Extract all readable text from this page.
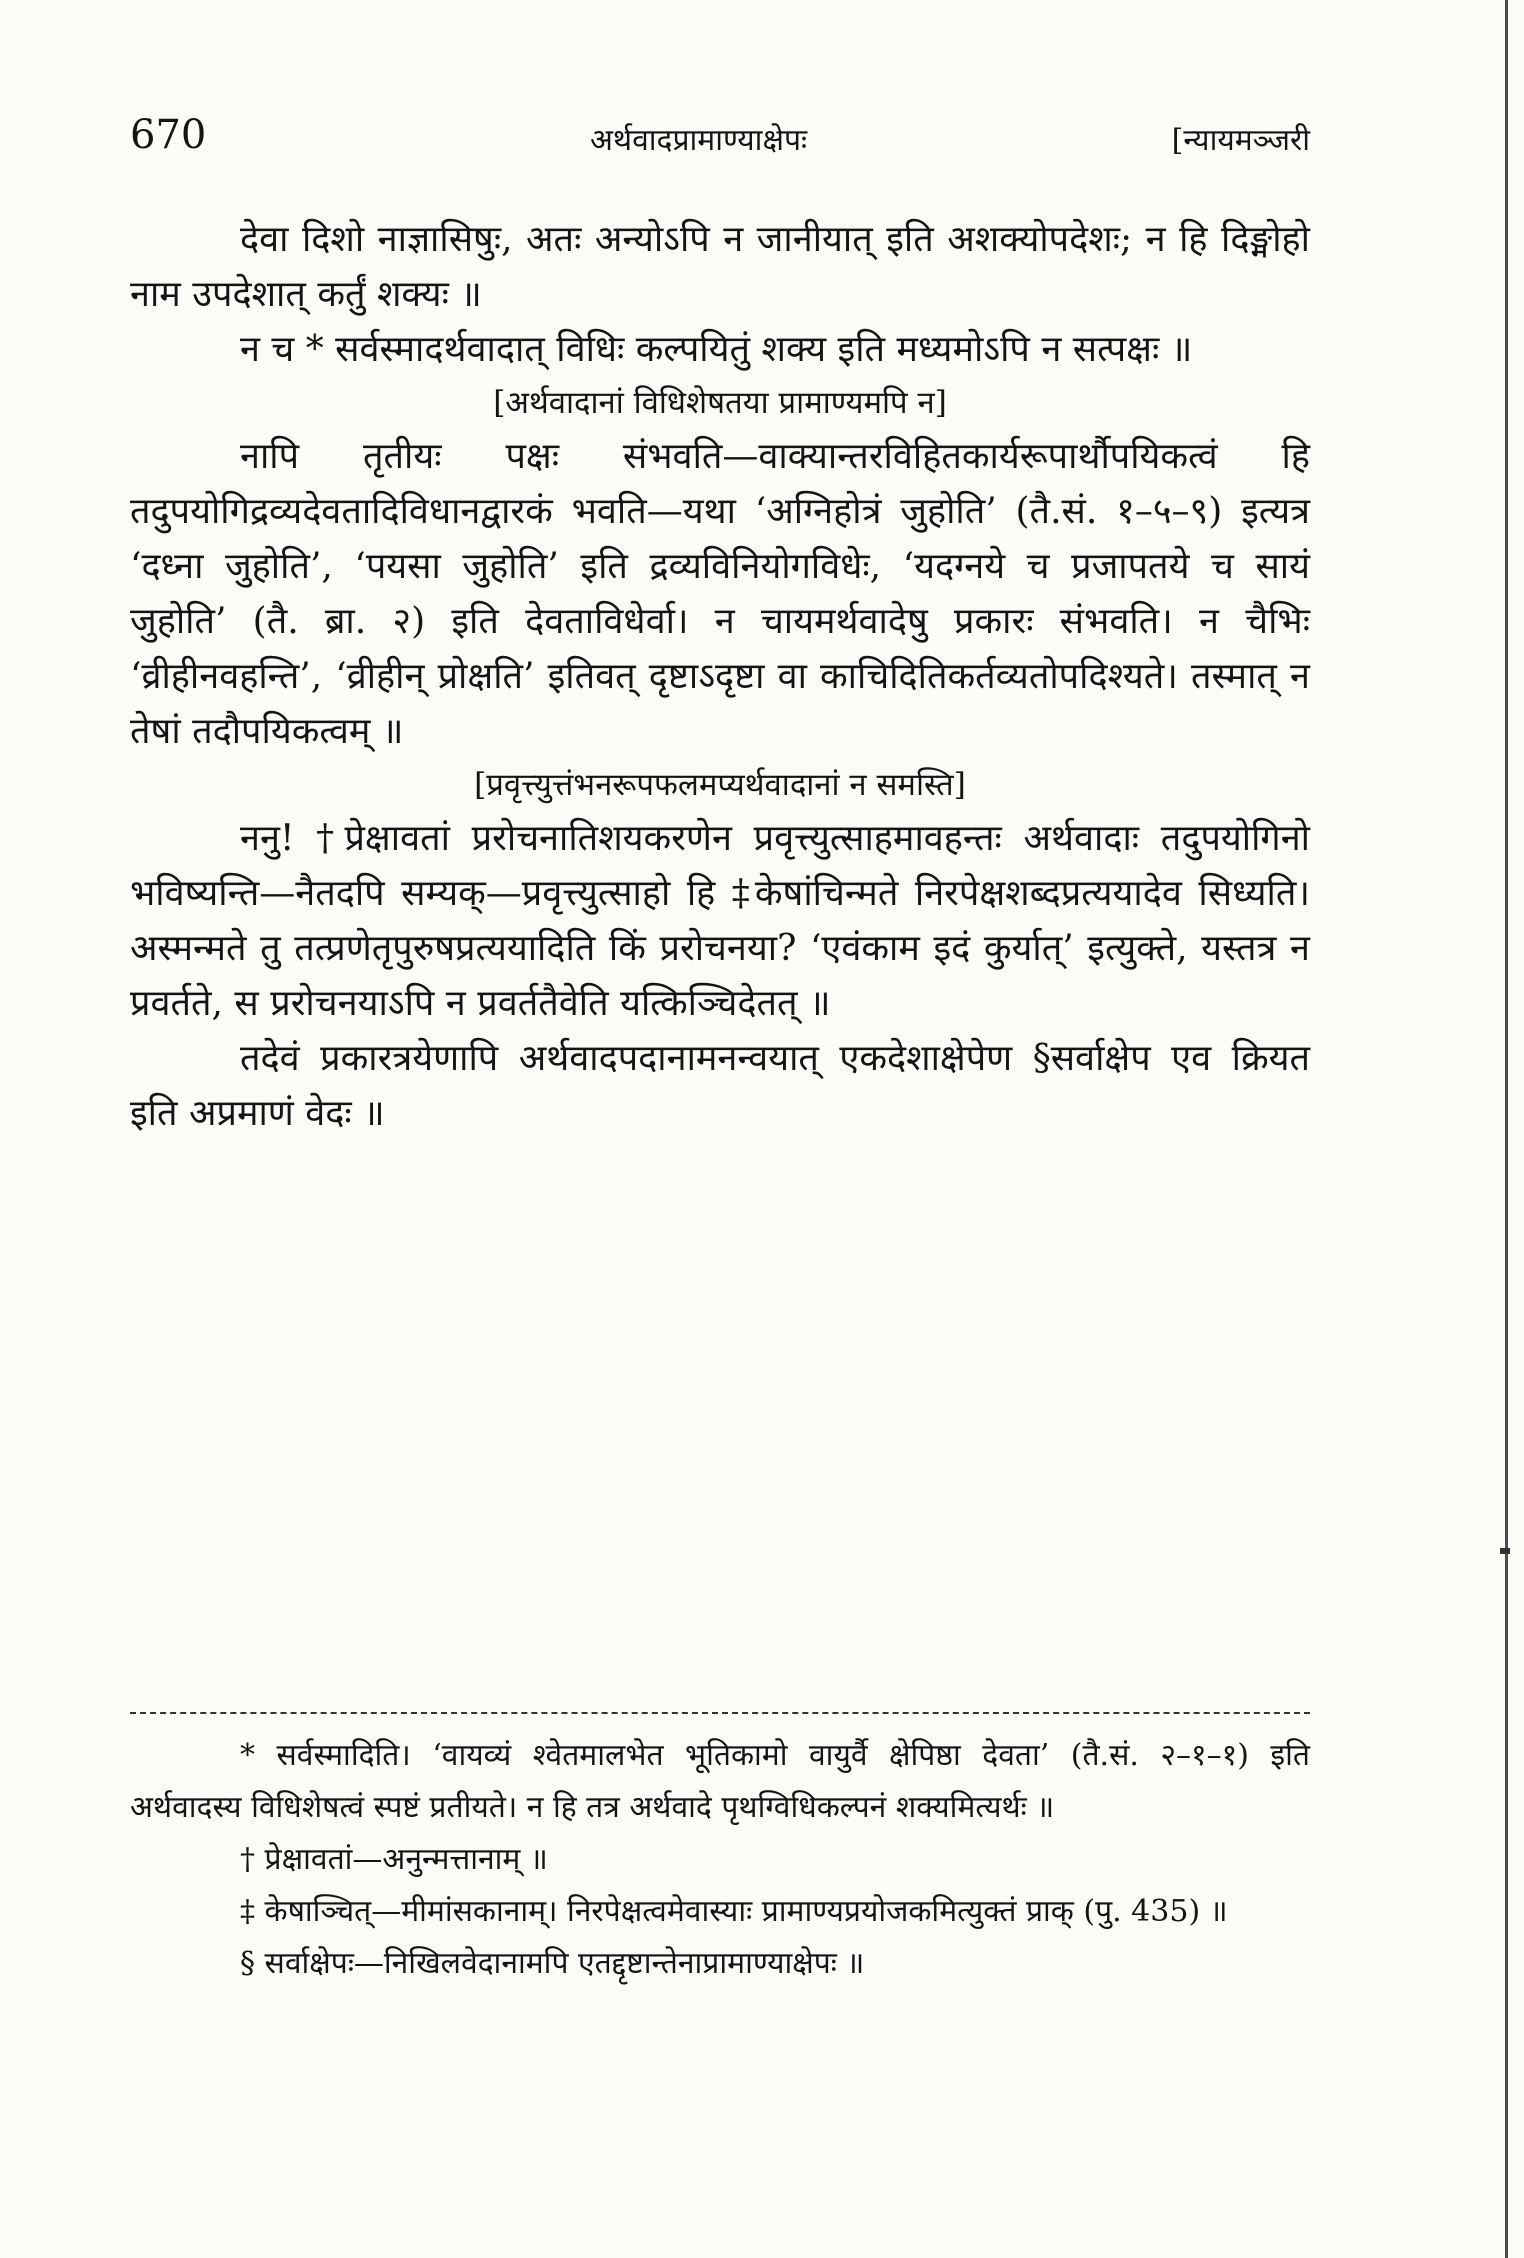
670	अर्थवादप्रामाण्याक्षेपः	[न्यायमञ्जरी

देवा दिशो नाज्ञासिषुः, अतः अन्योऽपि न जानीयात् इति अशक्योपदेशः; न हि दिङ्मोहो नाम उपदेशात् कर्तुं शक्यः ॥

न च * सर्वस्मादर्थवादात् विधिः कल्पयितुं शक्य इति मध्यमोऽपि न सत्पक्षः ॥

[अर्थवादानां विधिशेषतया प्रामाण्यमपि न]

नापि तृतीयः पक्षः संभवति—वाक्यान्तरविहितकार्यरूपार्थौपयिकत्वं हि तदुपयोगिद्रव्यदेवतादिविधानद्वारकं भवति—यथा ‘अग्निहोत्रं जुहोति’ (तै.सं. १–५–९) इत्यत्र ‘दध्ना जुहोति’, ‘पयसा जुहोति’ इति द्रव्यविनियोगविधेः, ‘यदग्नये च प्रजापतये च सायं जुहोति’ (तै. ब्रा. २) इति देवताविधेर्वा। न चायमर्थवादेषु प्रकारः संभवति। न चैभिः ‘व्रीहीनवहन्ति’, ‘व्रीहीन् प्रोक्षति’ इतिवत् दृष्टाऽदृष्टा वा काचिदितिकर्तव्यतोपदिश्यते। तस्मात् न तेषां तदौपयिकत्वम् ॥

[प्रवृत्त्युत्तंभनरूपफलमप्यर्थवादानां न समस्ति]

ननु! †प्रेक्षावतां प्ररोचनातिशयकरणेन प्रवृत्त्युत्साहमावहन्तः अर्थवादाः तदुपयोगिनो भविष्यन्ति—नैतदपि सम्यक्—प्रवृत्त्युत्साहो हि ‡केषांचिन्मते निरपेक्षशब्दप्रत्ययादेव सिध्यति। अस्मन्मते तु तत्प्रणेतृपुरुषप्रत्ययादिति किं प्ररोचनया? ‘एवंकाम इदं कुर्यात्’ इत्युक्ते, यस्तत्र न प्रवर्तते, स प्ररोचनयाऽपि न प्रवर्ततैवेति यत्किञ्चिदेतत् ॥

तदेवं प्रकारत्रयेणापि अर्थवादपदानामनन्वयात् एकदेशाक्षेपेण §सर्वाक्षेप एव क्रियत इति अप्रमाणं वेदः ॥

* सर्वस्मादिति। ‘वायव्यं श्वेतमालभेत भूतिकामो वायुर्वै क्षेपिष्ठा देवता’ (तै.सं. २–१–१) इति अर्थवादस्य विधिशेषत्वं स्पष्टं प्रतीयते। न हि तत्र अर्थवादे पृथग्विधिकल्पनं शक्यमित्यर्थः ॥

† प्रेक्षावतां—अनुन्मत्तानाम् ॥

‡ केषाञ्चित्—मीमांसकानाम्। निरपेक्षत्वमेवास्याः प्रामाण्यप्रयोजकमित्युक्तं प्राक् (पु. 435) ॥

§ सर्वाक्षेपः—निखिलवेदानामपि एतद्दृष्टान्तेनाप्रामाण्याक्षेपः ॥
